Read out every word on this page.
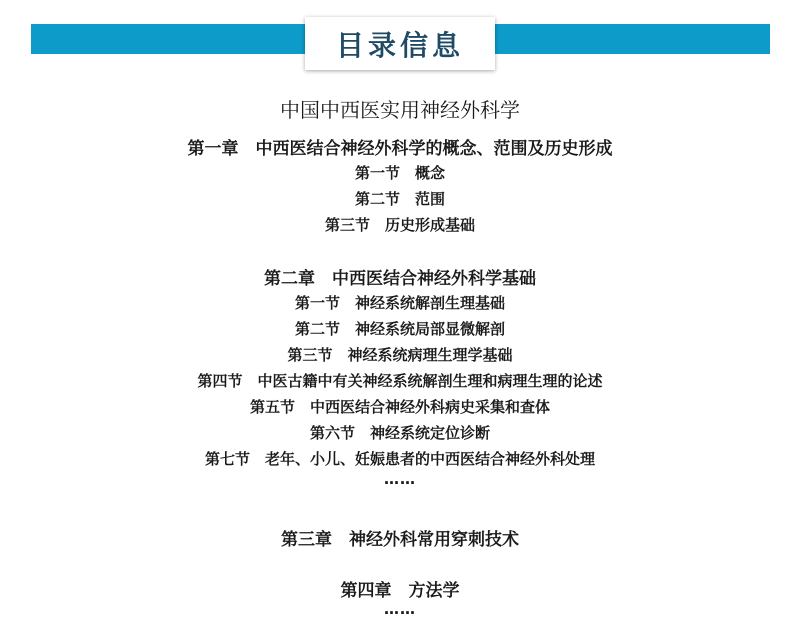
目录信息
中国中西医实用神经外科学
第一章　中西医结合神经外科学的概念、范围及历史形成
第一节　概念
第二节　范围
第三节　历史形成基础
第二章　中西医结合神经外科学基础
第一节　神经系统解剖生理基础
第二节　神经系统局部显微解剖
第三节　神经系统病理生理学基础
第四节　中医古籍中有关神经系统解剖生理和病理生理的论述
第五节　中西医结合神经外科病史采集和查体
第六节　神经系统定位诊断
第七节　老年、小儿、妊娠患者的中西医结合神经外科处理
……
第三章　神经外科常用穿刺技术
第四章　方法学
……
